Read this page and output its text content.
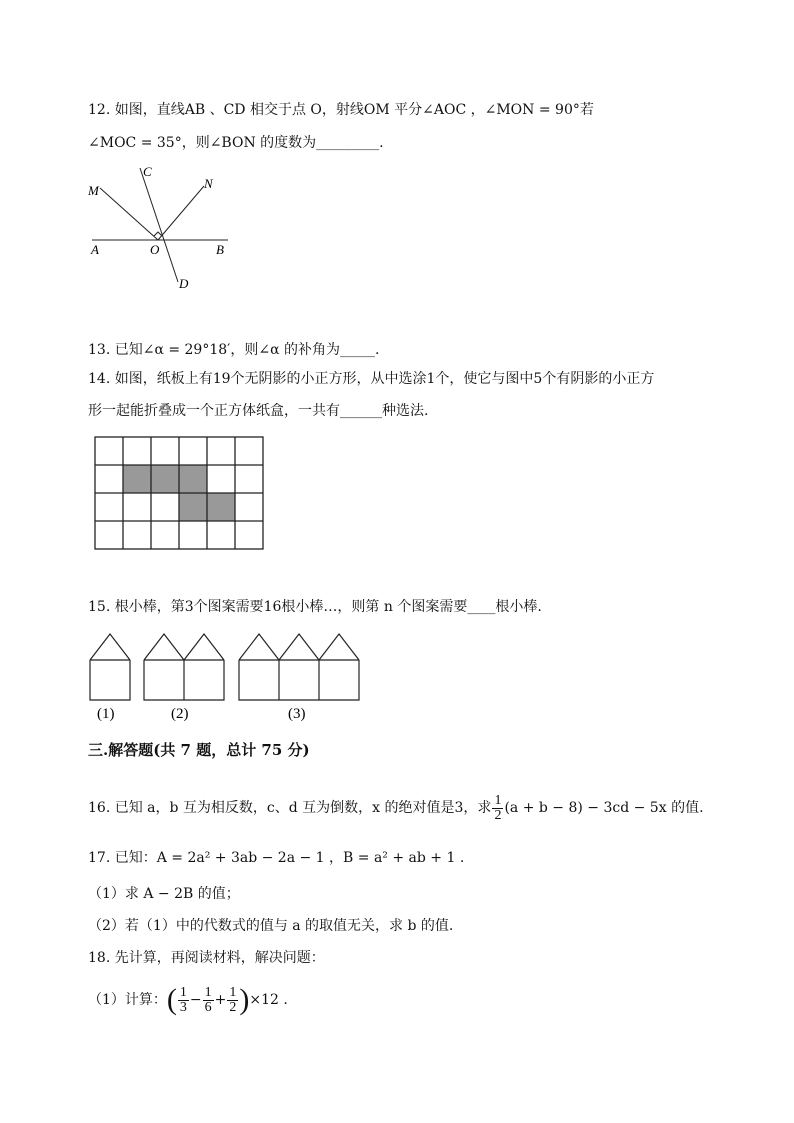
12. 如图，直线AB 、CD 相交于点 O，射线OM 平分∠AOC ，∠MON = 90°若
∠MOC = 35°，则∠BON 的度数为_________.
C
M	N
A	O	B
D
13. 已知∠α = 29°18′，则∠α 的补角为_____.
14. 如图，纸板上有19个无阴影的小正方形，从中选涂1个，使它与图中5个有阴影的小正方
形一起能折叠成一个正方体纸盒，一共有______种选法.
15. 根小棒，第3个图案需要16根小棒…，则第 n 个图案需要____根小棒.
(1)	(2)	(3)
三.解答题(共 7 题，总计 75 分)
16. 已知 a，b 互为相反数，c、d 互为倒数，x 的绝对值是3，求 $\frac{1}{2} (a + b - 8) - 3cd - 5x$ 的值.
17. 已知：A = 2a² + 3ab − 2a − 1 ，B = a² + ab + 1 .
（1）求 A − 2B 的值；
（2）若（1）中的代数式的值与 a 的取值无关，求 b 的值.
18. 先计算，再阅读材料，解决问题：
（1）计算：( $\frac{1}{3} - \frac{1}{6} + \frac{1}{2} )\times 12$ .
